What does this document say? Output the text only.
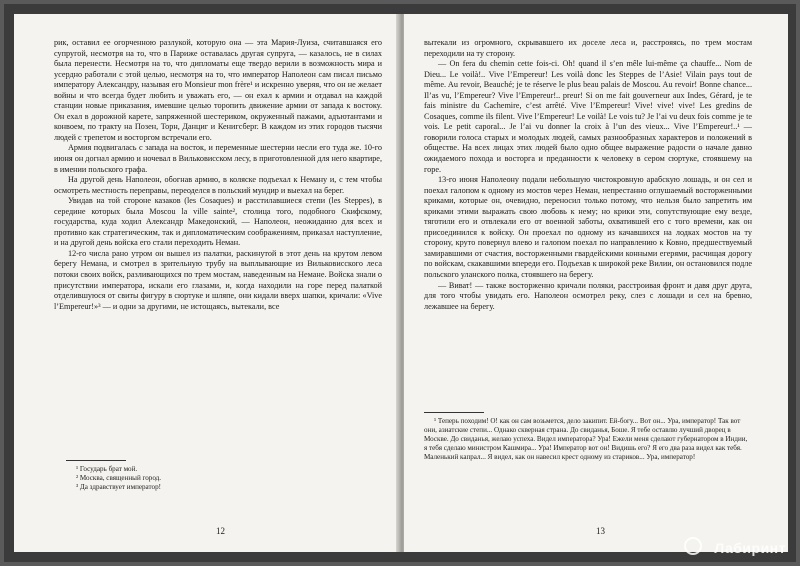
рик, оставил ее огорченною разлукой, которую она — эта Мария-Луиза, считавшаяся его супругой, несмотря на то, что в Париже оставалась другая супруга, — казалось, не в силах была перенести. Несмотря на то, что дипломаты еще твердо верили в возможность мира и усердно работали с этой целью, несмотря на то, что император Наполеон сам писал письмо императору Александру, называя его Monsieur mon frère¹ и искренно уверяя, что он не желает войны и что всегда будет любить и уважать его, — он ехал к армии и отдавал на каждой станции новые приказания, имевшие целью торопить движение армии от запада к востоку. Он ехал в дорожной карете, запряженной шестериком, окруженный пажами, адъютантами и конвоем, по тракту на Позен, Торн, Данциг и Кенигсберг. В каждом из этих городов тысячи людей с трепетом и восторгом встречали его.

Армия подвигалась с запада на восток, и переменные шестерни несли его туда же. 10-го июня он догнал армию и ночевал в Вильковисском лесу, в приготовленной для него квартире, в имении польского графа.

На другой день Наполеон, обогнав армию, в коляске подъехал к Неману и, с тем чтобы осмотреть местность переправы, переоделся в польский мундир и выехал на берег.

Увидав на той стороне казаков (les Cosaques) и расстилавшиеся степи (les Steppes), в середине которых была Moscou la ville sainte², столица того, подобного Скифскому, государства, куда ходил Александр Македонский, — Наполеон, неожиданно для всех и противно как стратегическим, так и дипломатическим соображениям, приказал наступление, и на другой день войска его стали переходить Неман.

12-го числа рано утром он вышел из палатки, раскинутой в этот день на крутом левом берегу Немана, и смотрел в зрительную трубу на выплывающие из Вильковисского леса потоки своих войск, разливающихся по трем мостам, наведенным на Немане. Войска знали о присутствии императора, искали его глазами, и, когда находили на горе перед палаткой отделившуюся от свиты фигуру в сюртуке и шляпе, они кидали вверх шапки, кричали: «Vive l’Empereur!»³ — и одни за другими, не истощаясь, вытекали, все

¹ Государь брат мой.

² Москва, священный город.

³ Да здравствует император!

12

вытекали из огромного, скрывавшего их доселе леса и, расстрояясь, по трем мостам переходили на ту сторону.

— On fera du chemin cette fois-ci. Oh! quand il s’en mêle lui-même ça chauffe... Nom de Dieu... Le voilà!.. Vive l’Empereur! Les voilà donc les Steppes de l’Asie! Vilain pays tout de même. Au revoir, Beauché; je te réserve le plus beau palais de Moscou. Au revoir! Bonne chance... Il’as vu, l’Empereur? Vive l’Empereur!.. preur! Si on me fait gouverneur aux Indes, Gérard, je te fais ministre du Cachemire, c’est arrêté. Vive l’Empereur! Vive! vive! vive! Les gredins de Cosaques, comme ils filent. Vive l’Empereur! Le voilà! Le vois tu? Je l’ai vu deux fois comme je te vois. Le petit caporal... Je l’ai vu donner la croix à l’un des vieux... Vive l’Empereur!..¹ — говорили голоса старых и молодых людей, самых разнообразных характеров и положений в обществе. На всех лицах этих людей было одно общее выражение радости о начале давно ожидаемого похода и восторга и преданности к человеку в сером сюртуке, стоявшему на горе.

13-го июня Наполеону подали небольшую чистокровную арабскую лошадь, и он сел и поехал галопом к одному из мостов через Неман, непрестанно оглушаемый восторженными криками, которые он, очевидно, переносил только потому, что нельзя было запретить им криками этими выражать свою любовь к нему; но крики эти, сопутствующие ему везде, тяготили его и отвлекали его от военной заботы, охватившей его с того времени, как он присоединился к войску. Он проехал по одному из качавшихся на лодках мостов на ту сторону, круто повернул влево и галопом поехал по направлению к Ковно, предшествуемый замиравшими от счастия, восторженными гвардейскими конными егерями, расчищая дорогу по войскам, скакавшими впереди его. Подъехав к широкой реке Вилии, он остановился подле польского уланского полка, стоявшего на берегу.

— Виват! — также восторженно кричали поляки, расстроивая фронт и давя друг друга, для того чтобы увидать его. Наполеон осмотрел реку, слез с лошади и сел на бревно, лежавшее на берегу.

¹ Теперь походим! О! как он сам возьмется, дело закипит. Ей-богу... Вот он... Ура, император! Так вот они, азиатские степи... Однако скверная страна. До свиданья, Боше. Я тебе оставлю лучший дворец в Москве. До свиданья, желаю успеха. Видел императора? Ура! Ежели меня сделают губернатором в Индии, я тебя сделаю министром Кашмира... Ура! Император вот он! Видишь его? Я его два раза видел как тебя. Маленький капрал... Я видел, как он навесил крест одному из стариков... Ура, император!

13
Лабиринт
